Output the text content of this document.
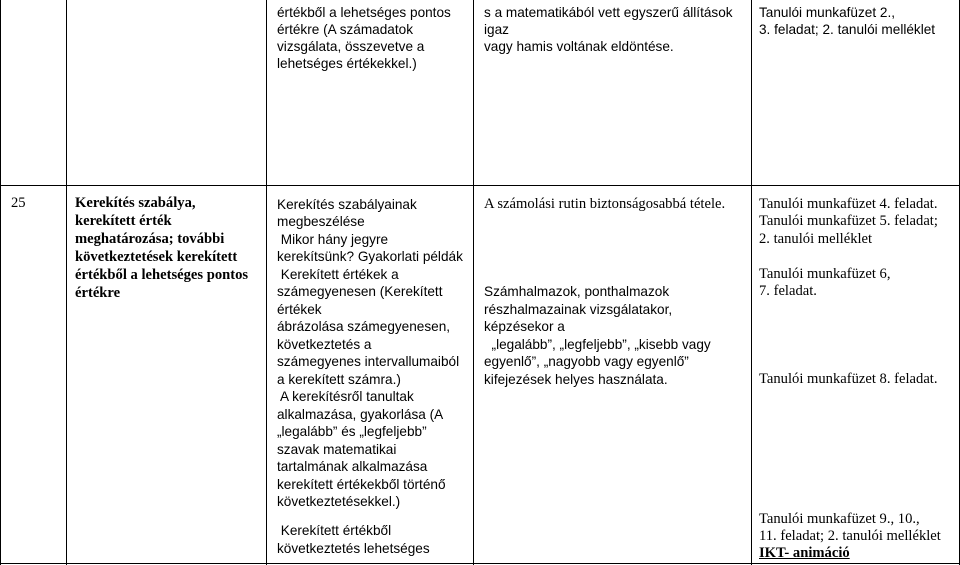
értékből a lehetséges pontos
értékre (A számadatok
vizsgálata, összevetve a
lehetséges értékekkel.)
s a matematikából vett egyszerű állítások
igaz
vagy hamis voltának eldöntése.
Tanulói munkafüzet 2.,
3. feladat; 2. tanulói melléklet
25	Kerekítés szabálya,
kerekített érték
meghatározása; további
következtetések kerekített
értékből a lehetséges pontos
értékre
Kerekítés szabályainak
megbeszélése
Mikor hány jegyre
kerekítsünk? Gyakorlati példák
Kerekített értékek a
számegyenesen (Kerekített
értékek
ábrázolása számegyenesen,
következtetés a
számegyenes intervallumaiból
a kerekített számra.)
A kerekítésről tanultak
alkalmazása, gyakorlása (A
„legalább” és „legfeljebb”
szavak matematikai
tartalmának alkalmazása
kerekített értékekből történő
következtetésekkel.)
Kerekített értékből
következtetés lehetséges
A számolási rutin biztonságosabbá tétele.
Számhalmazok, ponthalmazok
részhalmazainak vizsgálatakor,
képzésekor a
„legalább”, „legfeljebb”, „kisebb vagy
egyenlő”, „nagyobb vagy egyenlő”
kifejezések helyes használata.
Tanulói munkafüzet 4. feladat.
Tanulói munkafüzet 5. feladat;
2. tanulói melléklet
Tanulói munkafüzet 6,
7. feladat.
Tanulói munkafüzet 8. feladat.
Tanulói munkafüzet 9., 10.,
11. feladat; 2. tanulói melléklet
IKT- animáció
